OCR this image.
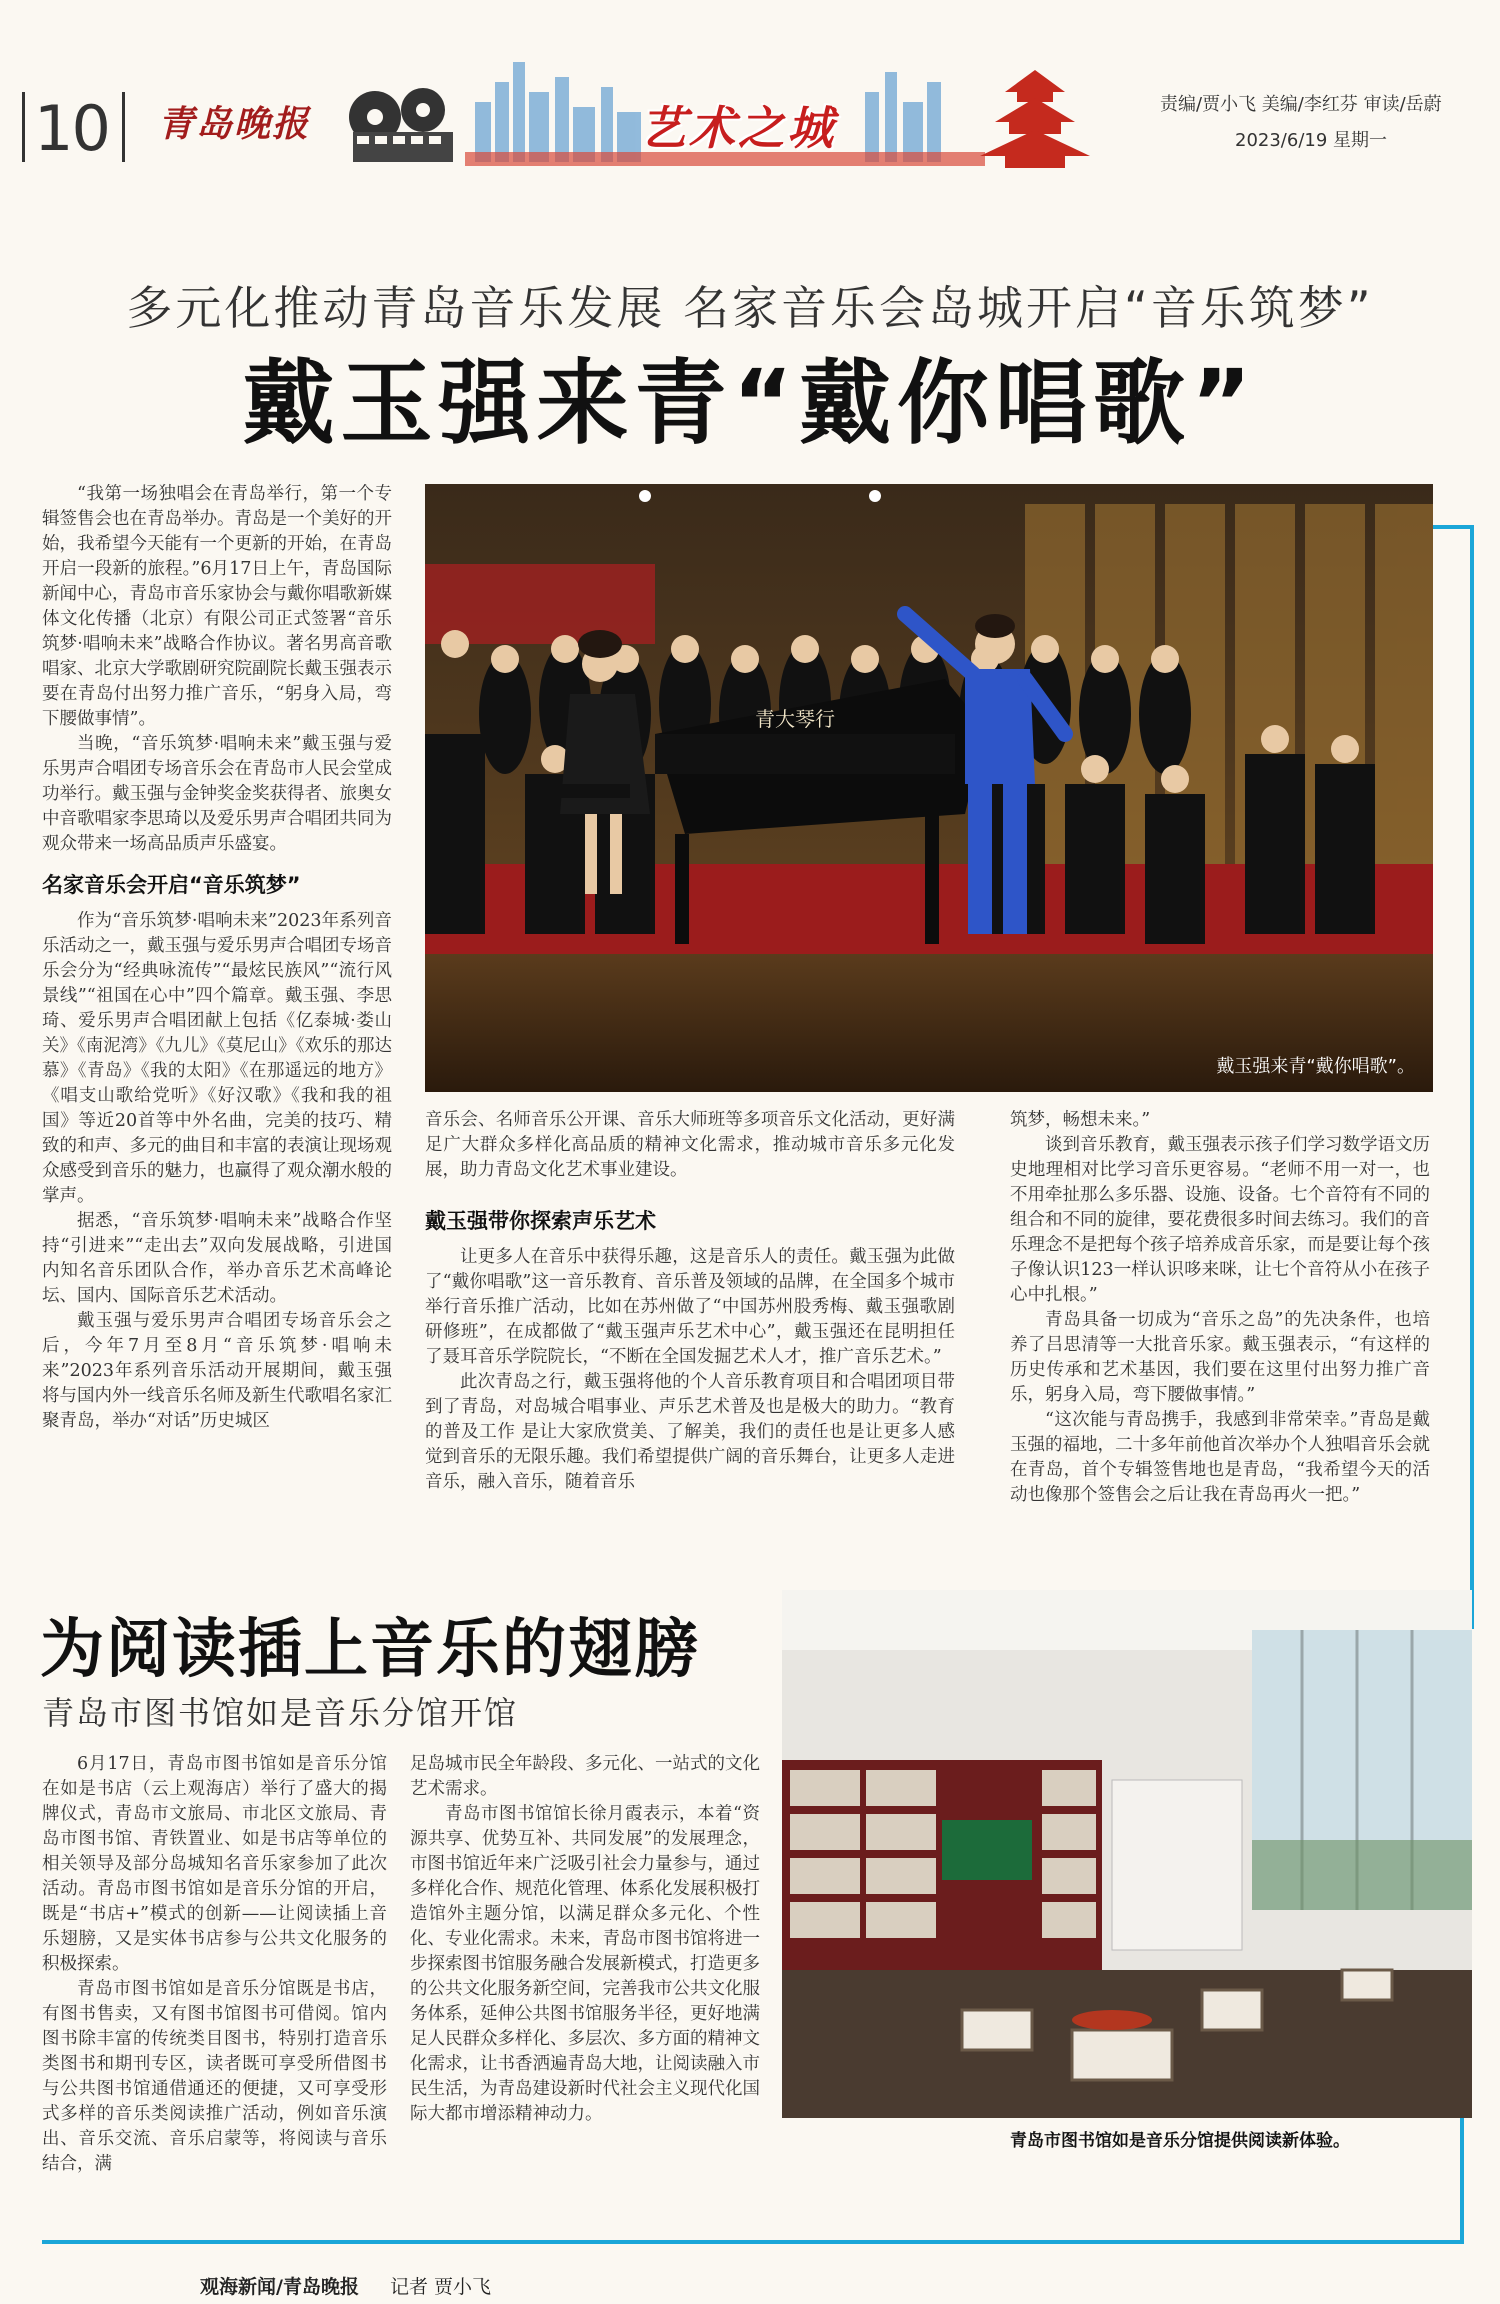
10 青岛晚报	艺术之城	责编/贾小飞 美编/李红芬 审读/岳蔚
2023/6/19 星期一
多元化推动青岛音乐发展 名家音乐会岛城开启“音乐筑梦”
戴玉强来青“戴你唱歌”

“我第一场独唱会在青岛举行，第一个专辑签售会也在青岛举办。青岛是一个美好的开始，我希望今天能有一个更新的开始，在青岛开启一段新的旅程。”6月17日上午，青岛国际新闻中心，青岛市音乐家协会与戴你唱歌新媒体文化传播（北京）有限公司正式签署“音乐筑梦·唱响未来”战略合作协议。著名男高音歌唱家、北京大学歌剧研究院副院长戴玉强表示要在青岛付出努力推广音乐，“躬身入局，弯下腰做事情”。

当晚，“音乐筑梦·唱响未来”戴玉强与爱乐男声合唱团专场音乐会在青岛市人民会堂成功举行。戴玉强与金钟奖金奖获得者、旅奥女中音歌唱家李思琦以及爱乐男声合唱团共同为观众带来一场高品质声乐盛宴。

名家音乐会开启“音乐筑梦”

作为“音乐筑梦·唱响未来”2023年系列音乐活动之一，戴玉强与爱乐男声合唱团专场音乐会分为“经典咏流传”“最炫民族风”“流行风景线”“祖国在心中”四个篇章。戴玉强、李思琦、爱乐男声合唱团献上包括《亿泰城·娄山关》《南泥湾》《九儿》《莫尼山》《欢乐的那达慕》《青岛》《我的太阳》《在那遥远的地方》《唱支山歌给党听》《好汉歌》《我和我的祖国》等近20首等中外名曲，完美的技巧、精致的和声、多元的曲目和丰富的表演让现场观众感受到音乐的魅力，也赢得了观众潮水般的掌声。

据悉，“音乐筑梦·唱响未来”战略合作坚持“引进来”“走出去”双向发展战略，引进国内知名音乐团队合作，举办音乐艺术高峰论坛、国内、国际音乐艺术活动。

戴玉强与爱乐男声合唱团专场音乐会之后，今年7月至8月“音乐筑梦·唱响未来”2023年系列音乐活动开展期间，戴玉强将与国内外一线音乐名师及新生代歌唱名家汇聚青岛，举办“对话”历史城区

青大琴行
戴玉强来青“戴你唱歌”。

音乐会、名师音乐公开课、音乐大师班等多项音乐文化活动，更好满足广大群众多样化高品质的精神文化需求，推动城市音乐多元化发展，助力青岛文化艺术事业建设。

戴玉强带你探索声乐艺术

让更多人在音乐中获得乐趣，这是音乐人的责任。戴玉强为此做了“戴你唱歌”这一音乐教育、音乐普及领域的品牌，在全国多个城市举行音乐推广活动，比如在苏州做了“中国苏州股秀梅、戴玉强歌剧研修班”，在成都做了“戴玉强声乐艺术中心”，戴玉强还在昆明担任了聂耳音乐学院院长，“不断在全国发掘艺术人才，推广音乐艺术。”

此次青岛之行，戴玉强将他的个人音乐教育项目和合唱团项目带到了青岛，对岛城合唱事业、声乐艺术普及也是极大的助力。“教育的普及工作 是让大家欣赏美、了解美，我们的责任也是让更多人感觉到音乐的无限乐趣。我们希望提供广阔的音乐舞台，让更多人走进音乐，融入音乐，随着音乐

筑梦，畅想未来。”

谈到音乐教育，戴玉强表示孩子们学习数学语文历史地理相对比学习音乐更容易。“老师不用一对一，也不用牵扯那么多乐器、设施、设备。七个音符有不同的组合和不同的旋律，要花费很多时间去练习。我们的音乐理念不是把每个孩子培养成音乐家，而是要让每个孩子像认识123一样认识哆来咪，让七个音符从小在孩子心中扎根。”

青岛具备一切成为“音乐之岛”的先决条件，也培养了吕思清等一大批音乐家。戴玉强表示，“有这样的历史传承和艺术基因，我们要在这里付出努力推广音乐，躬身入局，弯下腰做事情。”

“这次能与青岛携手，我感到非常荣幸。”青岛是戴玉强的福地，二十多年前他首次举办个人独唱音乐会就在青岛，首个专辑签售地也是青岛，“我希望今天的活动也像那个签售会之后让我在青岛再火一把。”

为阅读插上音乐的翅膀
青岛市图书馆如是音乐分馆开馆

6月17日，青岛市图书馆如是音乐分馆在如是书店（云上观海店）举行了盛大的揭牌仪式，青岛市文旅局、市北区文旅局、青岛市图书馆、青铁置业、如是书店等单位的相关领导及部分岛城知名音乐家参加了此次活动。青岛市图书馆如是音乐分馆的开启，既是“书店+”模式的创新——让阅读插上音乐翅膀，又是实体书店参与公共文化服务的积极探索。

青岛市图书馆如是音乐分馆既是书店，有图书售卖，又有图书馆图书可借阅。馆内图书除丰富的传统类目图书，特别打造音乐类图书和期刊专区，读者既可享受所借图书与公共图书馆通借通还的便捷，又可享受形式多样的音乐类阅读推广活动，例如音乐演出、音乐交流、音乐启蒙等，将阅读与音乐结合，满

足岛城市民全年龄段、多元化、一站式的文化艺术需求。

青岛市图书馆馆长徐月霞表示，本着“资源共享、优势互补、共同发展”的发展理念，市图书馆近年来广泛吸引社会力量参与，通过多样化合作、规范化管理、体系化发展积极打造馆外主题分馆，以满足群众多元化、个性化、专业化需求。未来，青岛市图书馆将进一步探索图书馆服务融合发展新模式，打造更多的公共文化服务新空间，完善我市公共文化服务体系，延伸公共图书馆服务半径，更好地满足人民群众多样化、多层次、多方面的精神文化需求，让书香洒遍青岛大地，让阅读融入市民生活，为青岛建设新时代社会主义现代化国际大都市增添精神动力。

青岛市图书馆如是音乐分馆提供阅读新体验。
观海新闻/青岛晚报 记者 贾小飞
